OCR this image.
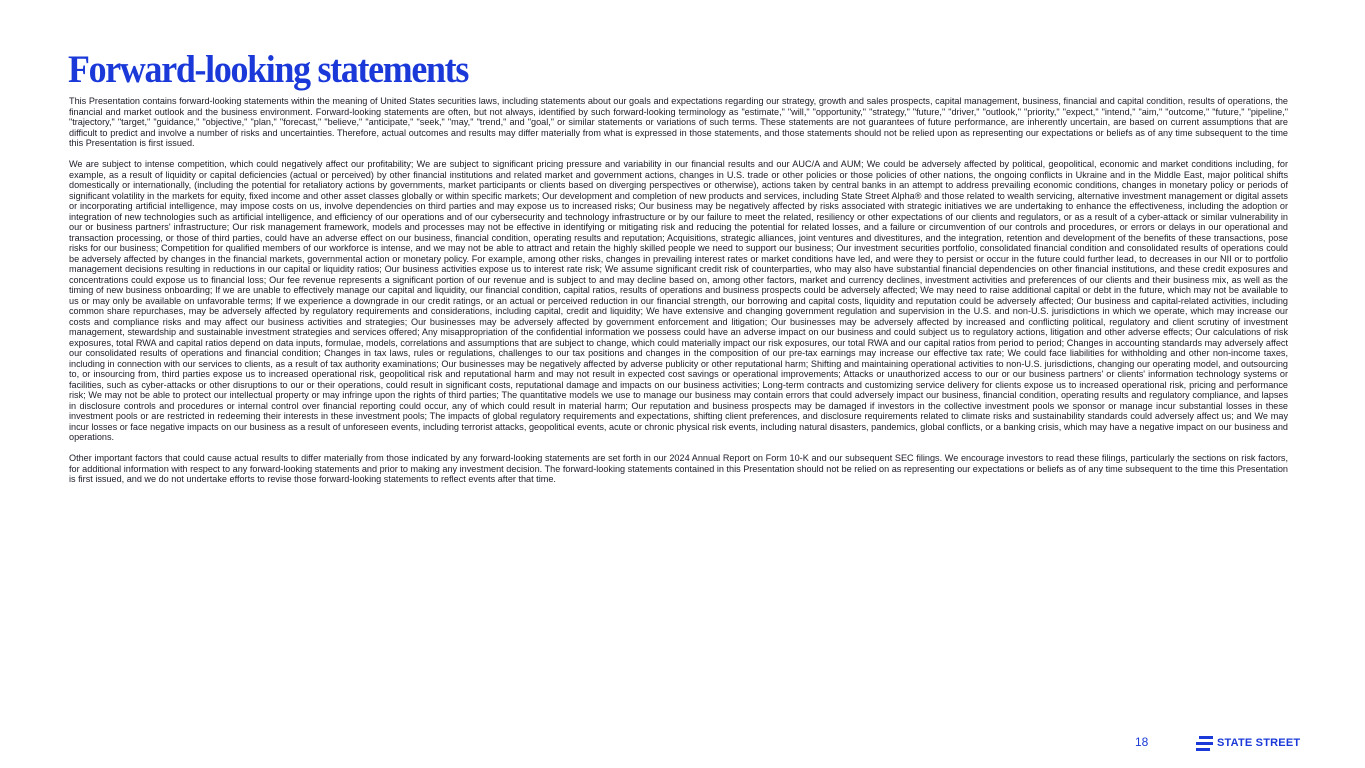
Forward-looking statements

This Presentation contains forward-looking statements within the meaning of United States securities laws, including statements about our goals and expectations regarding our strategy, growth and sales prospects, capital management, business, financial and capital condition, results of operations, the financial and market outlook and the business environment. Forward-looking statements are often, but not always, identified by such forward-looking terminology as "estimate," "will," "opportunity," "strategy," "future," "driver," "outlook," "priority," "expect," "intend," "aim," "outcome," "future," "pipeline," "trajectory," "target," "guidance," "objective," "plan," "forecast," "believe," "anticipate," "seek," "may," "trend," and "goal," or similar statements or variations of such terms. These statements are not guarantees of future performance, are inherently uncertain, are based on current assumptions that are difficult to predict and involve a number of risks and uncertainties. Therefore, actual outcomes and results may differ materially from what is expressed in those statements, and those statements should not be relied upon as representing our expectations or beliefs as of any time subsequent to the time this Presentation is first issued.

We are subject to intense competition, which could negatively affect our profitability; We are subject to significant pricing pressure and variability in our financial results and our AUC/A and AUM; We could be adversely affected by political, geopolitical, economic and market conditions including, for example, as a result of liquidity or capital deficiencies (actual or perceived) by other financial institutions and related market and government actions, changes in U.S. trade or other policies or those policies of other nations, the ongoing conflicts in Ukraine and in the Middle East, major political shifts domestically or internationally, (including the potential for retaliatory actions by governments, market participants or clients based on diverging perspectives or otherwise), actions taken by central banks in an attempt to address prevailing economic conditions, changes in monetary policy or periods of significant volatility in the markets for equity, fixed income and other asset classes globally or within specific markets; Our development and completion of new products and services, including State Street Alpha® and those related to wealth servicing, alternative investment management or digital assets or incorporating artificial intelligence, may impose costs on us, involve dependencies on third parties and may expose us to increased risks; Our business may be negatively affected by risks associated with strategic initiatives we are undertaking to enhance the effectiveness, including the adoption or integration of new technologies such as artificial intelligence, and efficiency of our operations and of our cybersecurity and technology infrastructure or by our failure to meet the related, resiliency or other expectations of our clients and regulators, or as a result of a cyber-attack or similar vulnerability in our or business partners' infrastructure; Our risk management framework, models and processes may not be effective in identifying or mitigating risk and reducing the potential for related losses, and a failure or circumvention of our controls and procedures, or errors or delays in our operational and transaction processing, or those of third parties, could have an adverse effect on our business, financial condition, operating results and reputation; Acquisitions, strategic alliances, joint ventures and divestitures, and the integration, retention and development of the benefits of these transactions, pose risks for our business; Competition for qualified members of our workforce is intense, and we may not be able to attract and retain the highly skilled people we need to support our business; Our investment securities portfolio, consolidated financial condition and consolidated results of operations could be adversely affected by changes in the financial markets, governmental action or monetary policy. For example, among other risks, changes in prevailing interest rates or market conditions have led, and were they to persist or occur in the future could further lead, to decreases in our NII or to portfolio management decisions resulting in reductions in our capital or liquidity ratios; Our business activities expose us to interest rate risk; We assume significant credit risk of counterparties, who may also have substantial financial dependencies on other financial institutions, and these credit exposures and concentrations could expose us to financial loss; Our fee revenue represents a significant portion of our revenue and is subject to and may decline based on, among other factors, market and currency declines, investment activities and preferences of our clients and their business mix, as well as the timing of new business onboarding; If we are unable to effectively manage our capital and liquidity, our financial condition, capital ratios, results of operations and business prospects could be adversely affected; We may need to raise additional capital or debt in the future, which may not be available to us or may only be available on unfavorable terms; If we experience a downgrade in our credit ratings, or an actual or perceived reduction in our financial strength, our borrowing and capital costs, liquidity and reputation could be adversely affected; Our business and capital-related activities, including common share repurchases, may be adversely affected by regulatory requirements and considerations, including capital, credit and liquidity; We have extensive and changing government regulation and supervision in the U.S. and non-U.S. jurisdictions in which we operate, which may increase our costs and compliance risks and may affect our business activities and strategies; Our businesses may be adversely affected by government enforcement and litigation; Our businesses may be adversely affected by increased and conflicting political, regulatory and client scrutiny of investment management, stewardship and sustainable investment strategies and services offered; Any misappropriation of the confidential information we possess could have an adverse impact on our business and could subject us to regulatory actions, litigation and other adverse effects; Our calculations of risk exposures, total RWA and capital ratios depend on data inputs, formulae, models, correlations and assumptions that are subject to change, which could materially impact our risk exposures, our total RWA and our capital ratios from period to period; Changes in accounting standards may adversely affect our consolidated results of operations and financial condition; Changes in tax laws, rules or regulations, challenges to our tax positions and changes in the composition of our pre-tax earnings may increase our effective tax rate; We could face liabilities for withholding and other non-income taxes, including in connection with our services to clients, as a result of tax authority examinations; Our businesses may be negatively affected by adverse publicity or other reputational harm; Shifting and maintaining operational activities to non-U.S. jurisdictions, changing our operating model, and outsourcing to, or insourcing from, third parties expose us to increased operational risk, geopolitical risk and reputational harm and may not result in expected cost savings or operational improvements; Attacks or unauthorized access to our or our business partners' or clients' information technology systems or facilities, such as cyber-attacks or other disruptions to our or their operations, could result in significant costs, reputational damage and impacts on our business activities; Long-term contracts and customizing service delivery for clients expose us to increased operational risk, pricing and performance risk; We may not be able to protect our intellectual property or may infringe upon the rights of third parties; The quantitative models we use to manage our business may contain errors that could adversely impact our business, financial condition, operating results and regulatory compliance, and lapses in disclosure controls and procedures or internal control over financial reporting could occur, any of which could result in material harm; Our reputation and business prospects may be damaged if investors in the collective investment pools we sponsor or manage incur substantial losses in these investment pools or are restricted in redeeming their interests in these investment pools; The impacts of global regulatory requirements and expectations, shifting client preferences, and disclosure requirements related to climate risks and sustainability standards could adversely affect us; and We may incur losses or face negative impacts on our business as a result of unforeseen events, including terrorist attacks, geopolitical events, acute or chronic physical risk events, including natural disasters, pandemics, global conflicts, or a banking crisis, which may have a negative impact on our business and operations.

Other important factors that could cause actual results to differ materially from those indicated by any forward-looking statements are set forth in our 2024 Annual Report on Form 10-K and our subsequent SEC filings. We encourage investors to read these filings, particularly the sections on risk factors, for additional information with respect to any forward-looking statements and prior to making any investment decision. The forward-looking statements contained in this Presentation should not be relied on as representing our expectations or beliefs as of any time subsequent to the time this Presentation is first issued, and we do not undertake efforts to revise those forward-looking statements to reflect events after that time.

18	STATE STREET
